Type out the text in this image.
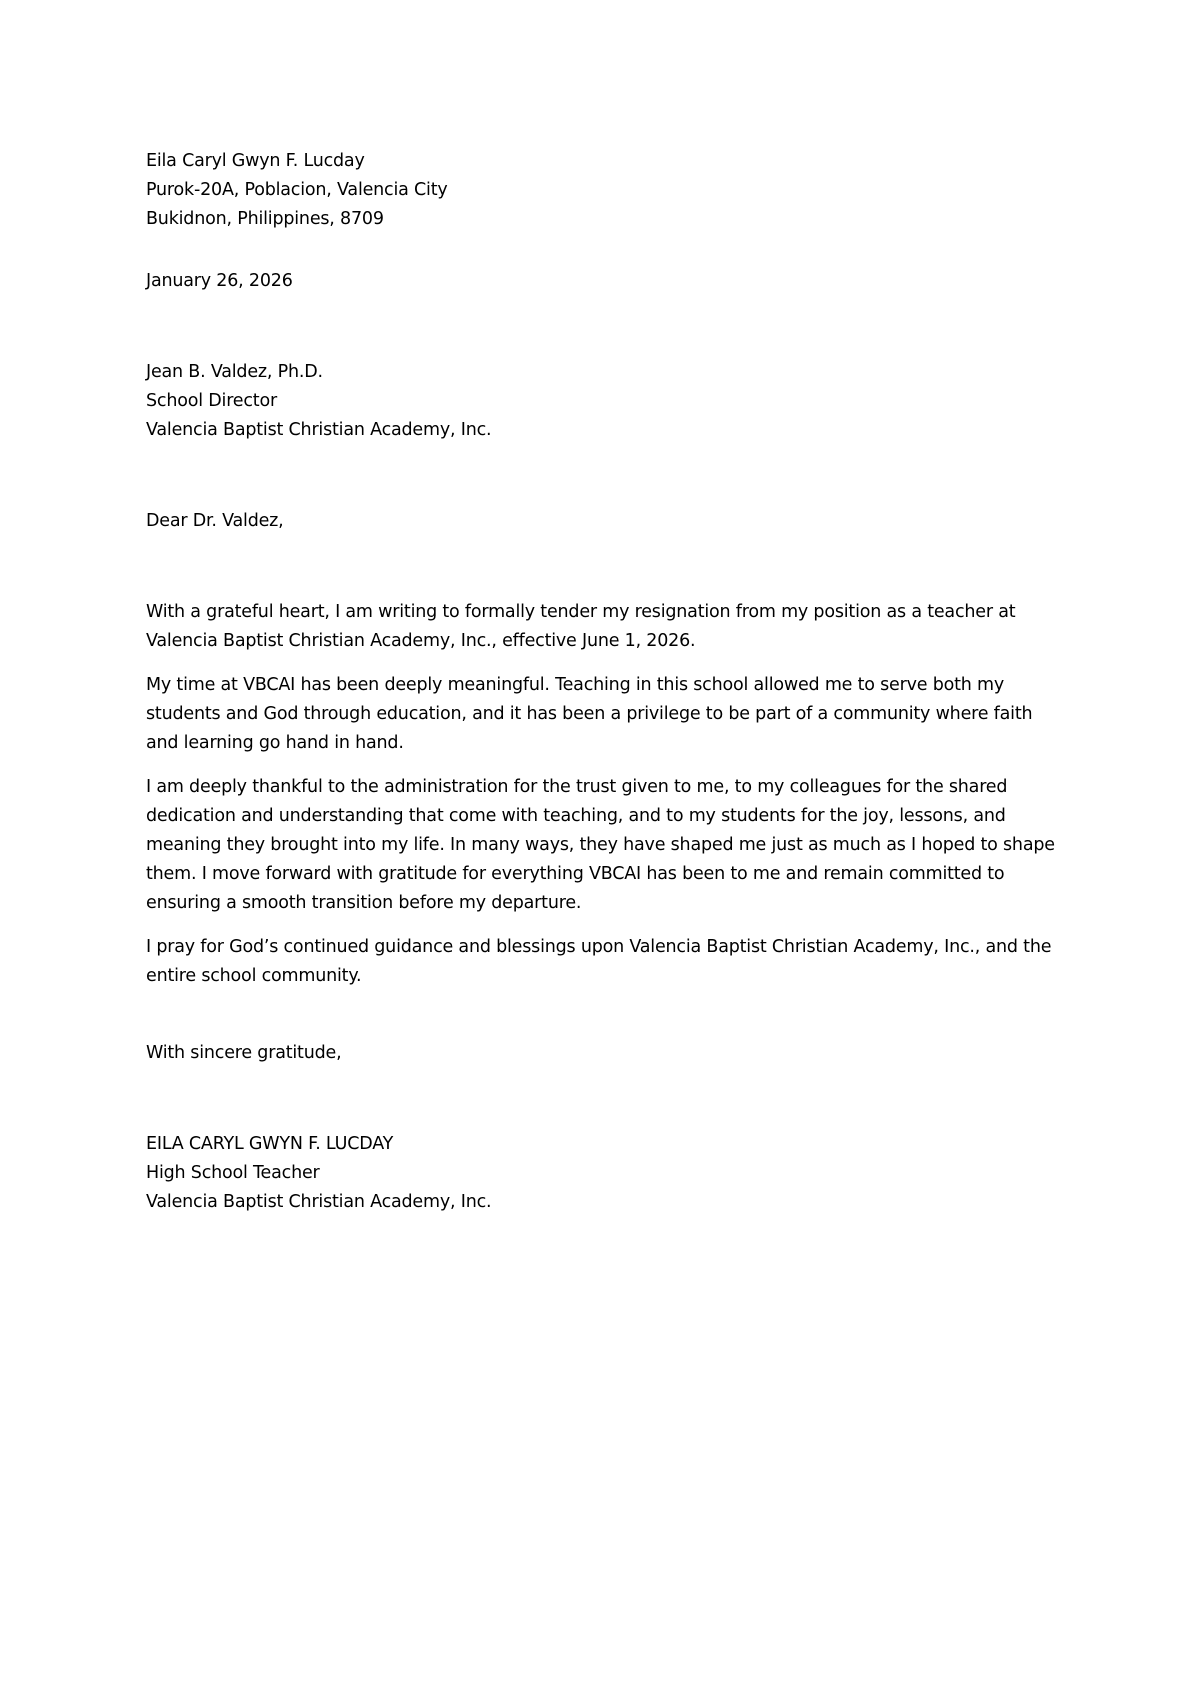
Eila Caryl Gwyn F. Lucday
Purok-20A, Poblacion, Valencia City
Bukidnon, Philippines, 8709
January 26, 2026
Jean B. Valdez, Ph.D.
School Director
Valencia Baptist Christian Academy, Inc.
Dear Dr. Valdez,

With a grateful heart, I am writing to formally tender my resignation from my position as a teacher at Valencia Baptist Christian Academy, Inc., effective June 1, 2026.

My time at VBCAI has been deeply meaningful. Teaching in this school allowed me to serve both my students and God through education, and it has been a privilege to be part of a community where faith and learning go hand in hand.

I am deeply thankful to the administration for the trust given to me, to my colleagues for the shared dedication and understanding that come with teaching, and to my students for the joy, lessons, and meaning they brought into my life. In many ways, they have shaped me just as much as I hoped to shape them. I move forward with gratitude for everything VBCAI has been to me and remain committed to ensuring a smooth transition before my departure.

I pray for God’s continued guidance and blessings upon Valencia Baptist Christian Academy, Inc., and the entire school community.

With sincere gratitude,
EILA CARYL GWYN F. LUCDAY
High School Teacher
Valencia Baptist Christian Academy, Inc.
